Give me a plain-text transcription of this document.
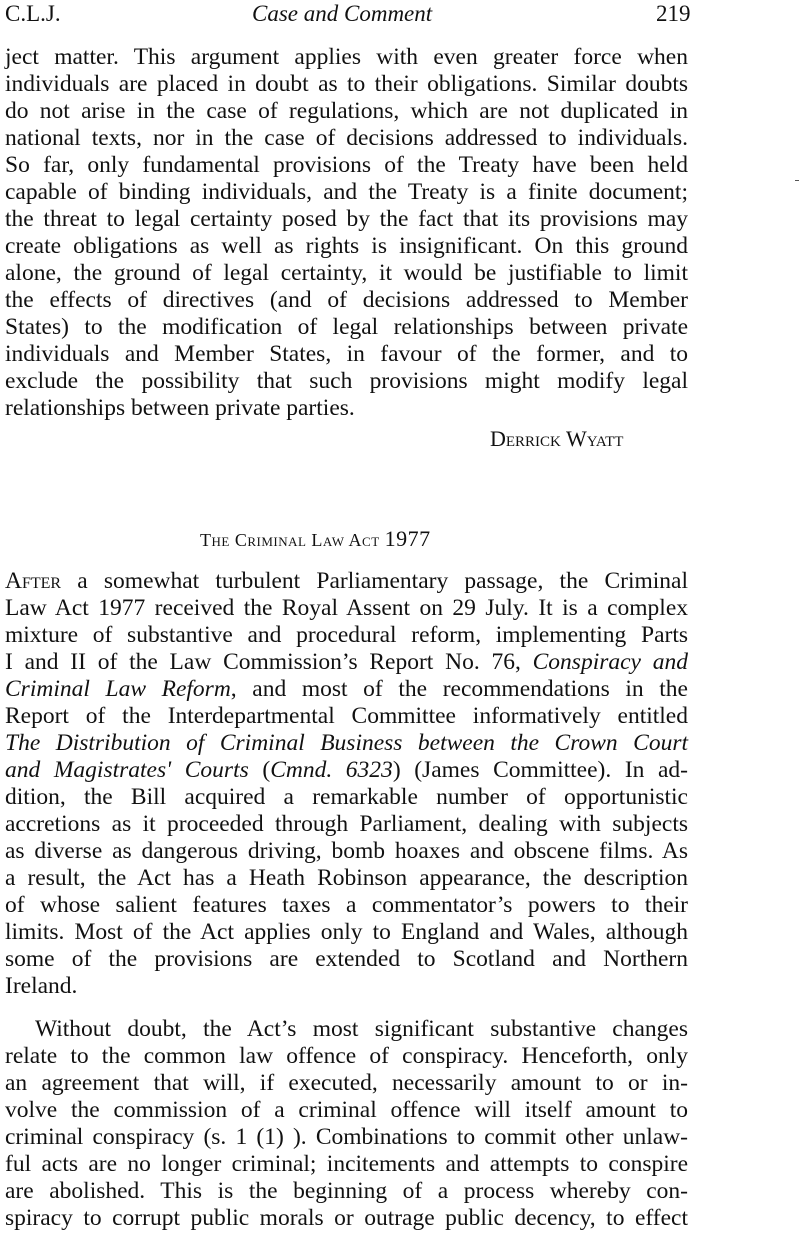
C.L.J.	Case and Comment	219
ject matter. This argument applies with even greater force when
individuals are placed in doubt as to their obligations. Similar doubts
do not arise in the case of regulations, which are not duplicated in
national texts, nor in the case of decisions addressed to individuals.
So far, only fundamental provisions of the Treaty have been held
capable of binding individuals, and the Treaty is a finite document;
the threat to legal certainty posed by the fact that its provisions may
create obligations as well as rights is insignificant. On this ground
alone, the ground of legal certainty, it would be justifiable to limit
the effects of directives (and of decisions addressed to Member
States) to the modification of legal relationships between private
individuals and Member States, in favour of the former, and to
exclude the possibility that such provisions might modify legal
relationships between private parties.
Derrick Wyatt
The Criminal Law Act 1977
After a somewhat turbulent Parliamentary passage, the Criminal
Law Act 1977 received the Royal Assent on 29 July. It is a complex
mixture of substantive and procedural reform, implementing Parts
I and II of the Law Commission’s Report No. 76, Conspiracy and
Criminal Law Reform, and most of the recommendations in the
Report of the Interdepartmental Committee informatively entitled
The Distribution of Criminal Business between the Crown Court
and Magistrates' Courts (Cmnd. 6323) (James Committee). In ad-
dition, the Bill acquired a remarkable number of opportunistic
accretions as it proceeded through Parliament, dealing with subjects
as diverse as dangerous driving, bomb hoaxes and obscene films. As
a result, the Act has a Heath Robinson appearance, the description
of whose salient features taxes a commentator’s powers to their
limits. Most of the Act applies only to England and Wales, although
some of the provisions are extended to Scotland and Northern
Ireland.
Without doubt, the Act’s most significant substantive changes
relate to the common law offence of conspiracy. Henceforth, only
an agreement that will, if executed, necessarily amount to or in-
volve the commission of a criminal offence will itself amount to
criminal conspiracy (s. 1 (1) ). Combinations to commit other unlaw-
ful acts are no longer criminal; incitements and attempts to conspire
are abolished. This is the beginning of a process whereby con-
spiracy to corrupt public morals or outrage public decency, to effect
